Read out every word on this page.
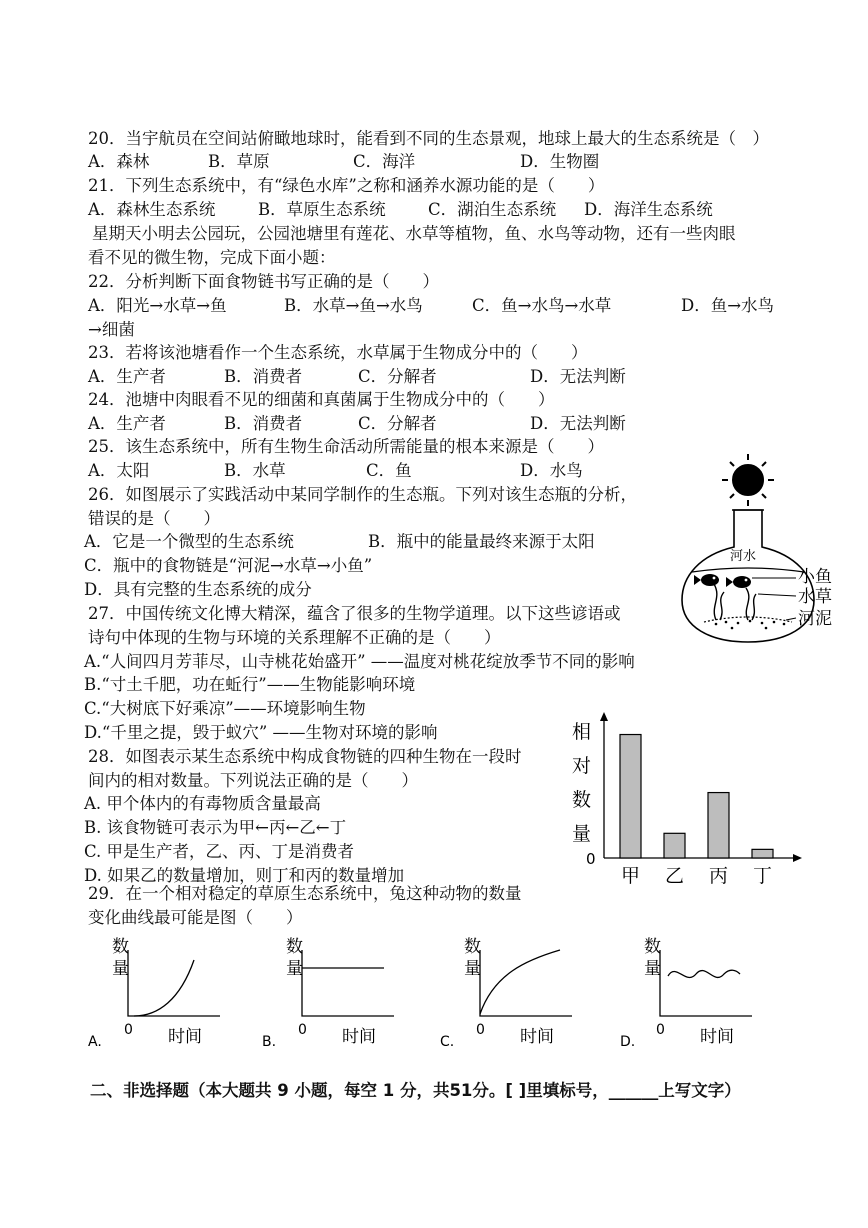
20．当宇航员在空间站俯瞰地球时，能看到不同的生态景观，地球上最大的生态系统是（　）
A．森林	B．草原	C．海洋	D．生物圈
21．下列生态系统中，有“绿色水库”之称和涵养水源功能的是（　　）
A．森林生态系统	B．草原生态系统	C．湖泊生态系统 D．海洋生态系统
星期天小明去公园玩，公园池塘里有莲花、水草等植物，鱼、水鸟等动物，还有一些肉眼
看不见的微生物，完成下面小题：
22．分析判断下面食物链书写正确的是（　　）
A．阳光→水草→鱼	B．水草→鱼→水鸟	C．鱼→水鸟→水草	D．鱼→水鸟
→细菌
23．若将该池塘看作一个生态系统，水草属于生物成分中的（　　）
A．生产者	B．消费者	C．分解者	D．无法判断
24．池塘中肉眼看不见的细菌和真菌属于生物成分中的（　　）
A．生产者	B．消费者	C．分解者	D．无法判断
25．该生态系统中，所有生物生命活动所需能量的根本来源是（　　）
A．太阳	B．水草	C．鱼	D．水鸟
26．如图展示了实践活动中某同学制作的生态瓶。下列对该生态瓶的分析，
错误的是（　　）
A．它是一个微型的生态系统	B．瓶中的能量最终来源于太阳
C．瓶中的食物链是“河泥→水草→小鱼”
D．具有完整的生态系统的成分
河水
小鱼
水草
河泥
27．中国传统文化博大精深，蕴含了很多的生物学道理。以下这些谚语或
诗句中体现的生物与环境的关系理解不正确的是（　　）
A.“人间四月芳菲尽，山寺桃花始盛开” ——温度对桃花绽放季节不同的影响
B.“寸土千肥，功在蚯行”——生物能影响环境
C.“大树底下好乘凉”——环境影响生物
D.“千里之提，毁于蚁穴” ——生物对环境的影响
28．如图表示某生态系统中构成食物链的四种生物在一段时
间内的相对数量。下列说法正确的是（　　）
A. 甲个体内的有毒物质含量最高
B. 该食物链可表示为甲←丙←乙←丁
C. 甲是生产者，乙、丙、丁是消费者
D. 如果乙的数量增加，则丁和丙的数量增加
相
对
数
量
0
甲 乙 丙 丁
29．在一个相对稳定的草原生态系统中，兔这种动物的数量
变化曲线最可能是图（　　）
数
量
0 时间
A.
数
量
0 时间
B.
数
量
0 时间
C.
数
量
0 时间
D.
二、非选择题（本大题共 9 小题，每空 1 分，共51分。[ ]里填标号，______上写文字）
